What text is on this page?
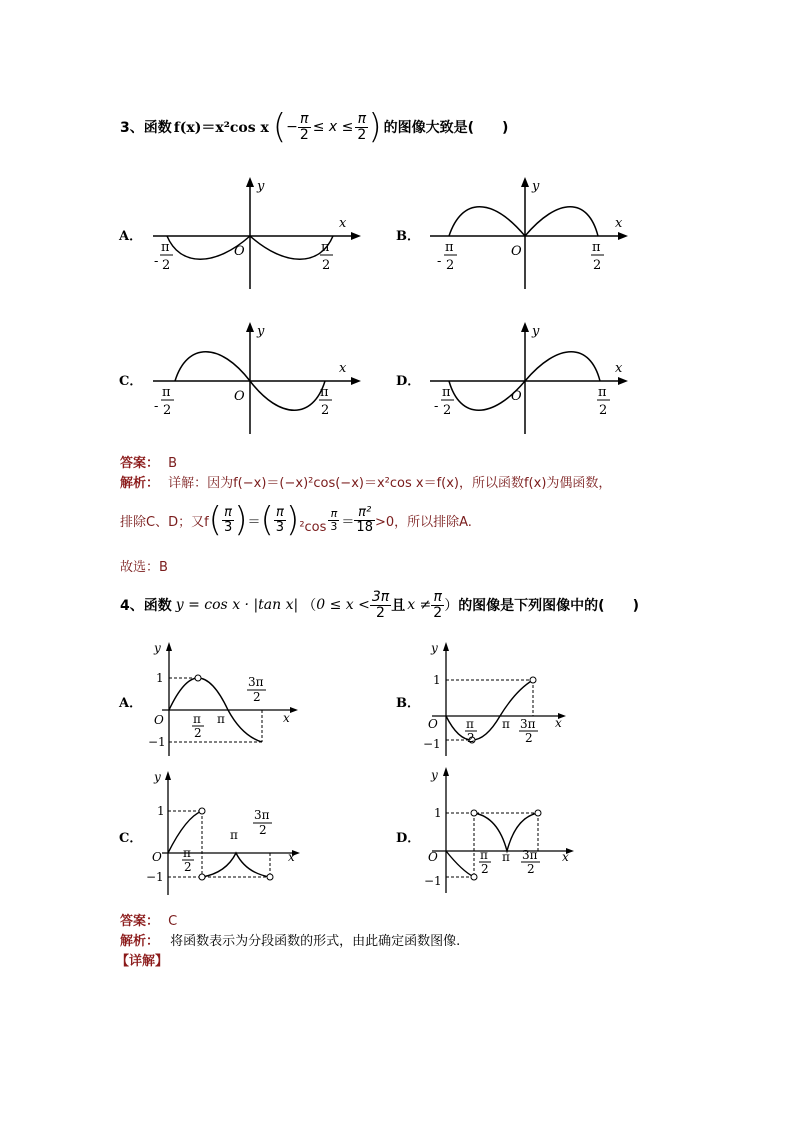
3、 函数 f(x)＝x²cos x ( − $\frac{\pi}{2} \le x \le \frac{\pi}{2}$ ) 的图像大致是(　　)
A．	B．
C．	D．
y
x
O
-
π
2
π
2
y
x
O
-
π
2
π
2
y
x
O
-
π
2
π
2
y
x
O
-
π
2
π
2
答案： B
解析： 详解：因为f(−x)＝(−x)²cos(−x)＝x²cos x＝f(x)，所以函数f(x)为偶函数，
排除C、D；又f ( $\frac{\pi}{3}$ ) ＝ ( $\frac{\pi}{3}$ ) $^2\cos \frac{\pi}{3} = \frac{\text{π²}}{18} >0$，所以排除A.
故选：B
4、 函数 y = cos x · |tan x| （ $0 \le x < \frac{3\pi}{2}$ 且 $x \ne \frac{\pi}{2}$ ） 的图像是下列图像中的(　　)
A．	B．
C．	D．
y
x
O
1
−1
π
2
π
3π
2
y
x
O
1
−1
π
2
π 3π
2
y
x
O
1
−1
π
2
π
3π
2
y
x
O
1
−1
π
2
π 3π
2
答案： C
解析： 将函数表示为分段函数的形式，由此确定函数图像.
【详解】
